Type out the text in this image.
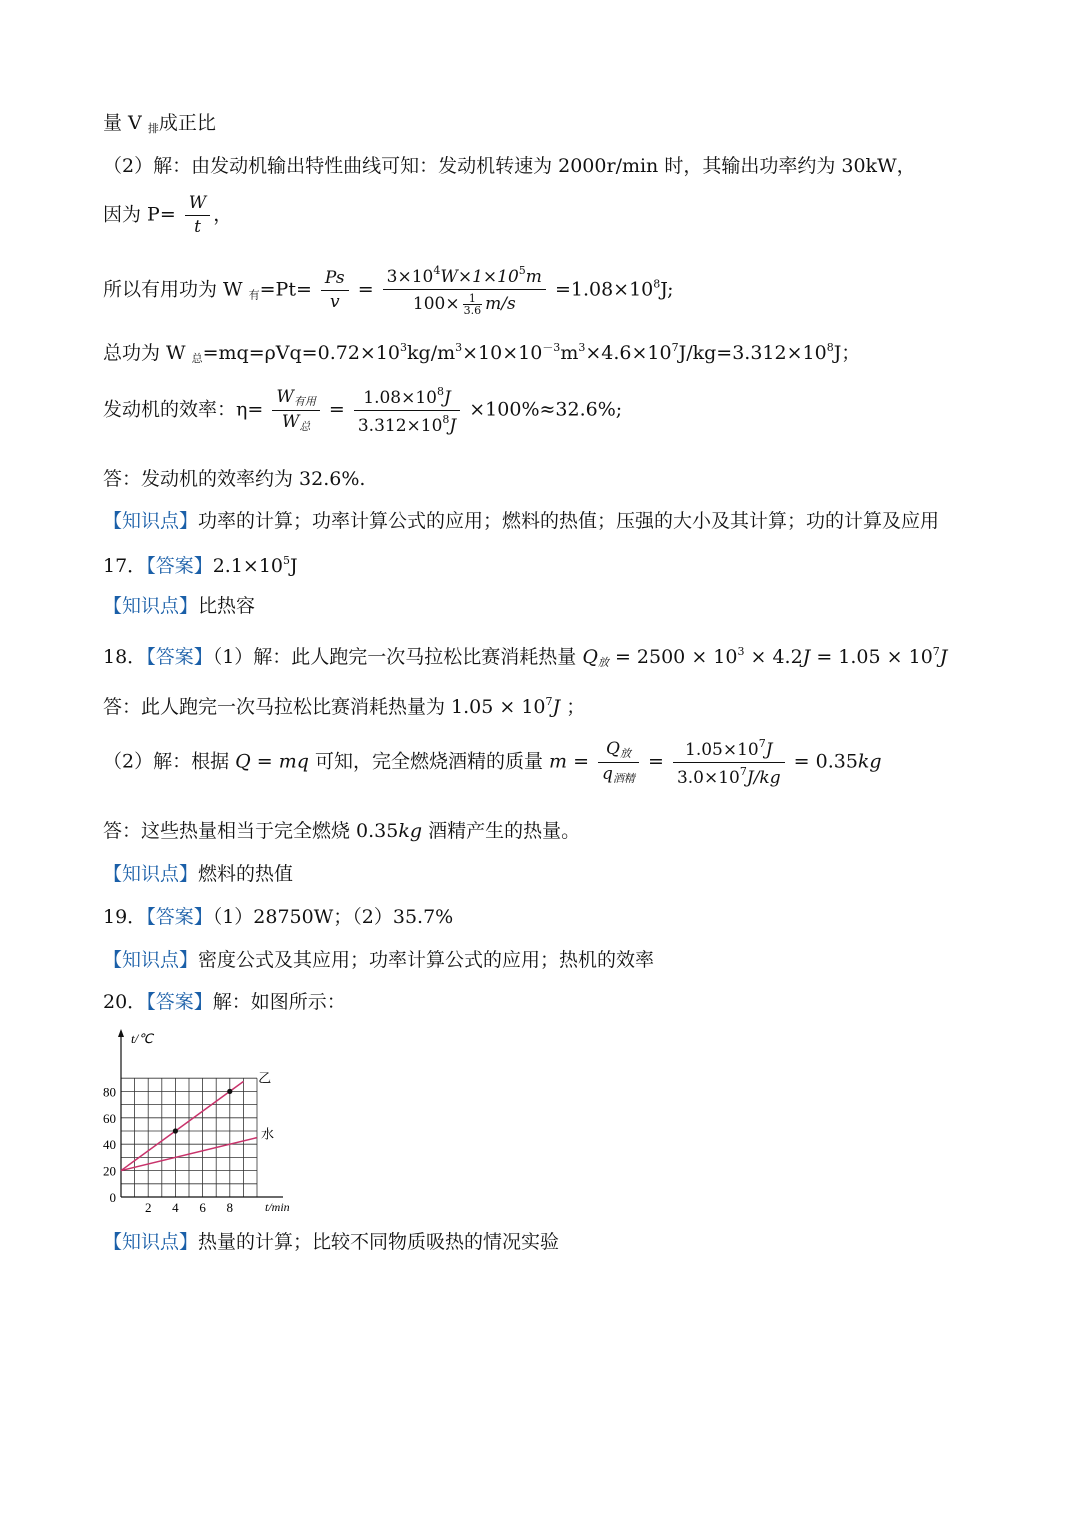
量 V $_排$成正比
（2）解：由发动机输出特性曲线可知：发动机转速为 2000r/min 时，其输出功率约为 30kW，
因为 $P= \frac{W}{t}$ ，
所以有用功为 W $_有=Pt= \frac{Ps}{v} = \frac{3\times 10^4W\times 1\times 10^5m}{100\times \frac{1}{3.6} m/s} =1.08\times 10^8J$;
总功为 W $_总=mq=\rho Vq=0.72\times 10^3kg/m^3\times 10\times 10^{-3}m^3\times 4.6\times 10^7J/kg=3.312\times 10^8J$；
发动机的效率：$\eta= \frac{W_{有用}}{W_总} = \frac{1.08\times 10^8J}{3.312\times 10^8J} \times 100\%\approx 32.6\%$;
答：发动机的效率约为 32.6%.
【知识点】功率的计算；功率计算公式的应用；燃料的热值；压强的大小及其计算；功的计算及应用
17．【答案】$2.1\times 10^5J$
【知识点】比热容
18．【答案】（1）解：此人跑完一次马拉松比赛消耗热量 $Q_放 = 2500 \times 10^3 \times 4.2J = 1.05 \times 10^7J$
答：此人跑完一次马拉松比赛消耗热量为 $1.05 \times 10^7J$ ；
（2）解：根据 Q = mq 可知，完全燃烧酒精的质量 $m = \frac{Q_放}{q_{酒精}} = \frac{1.05\times 10^7J}{3.0\times 10^7J/kg} = 0.35kg$
答：这些热量相当于完全燃烧 0.35kg 酒精产生的热量。
【知识点】燃料的热值
19．【答案】（1）28750W；（2）35.7%
【知识点】密度公式及其应用；功率计算公式的应用；热机的效率
20．【答案】解：如图所示：
t/℃
t/min
0
20
40
60
80
2 4 6 8
乙
水
【知识点】热量的计算；比较不同物质吸热的情况实验
